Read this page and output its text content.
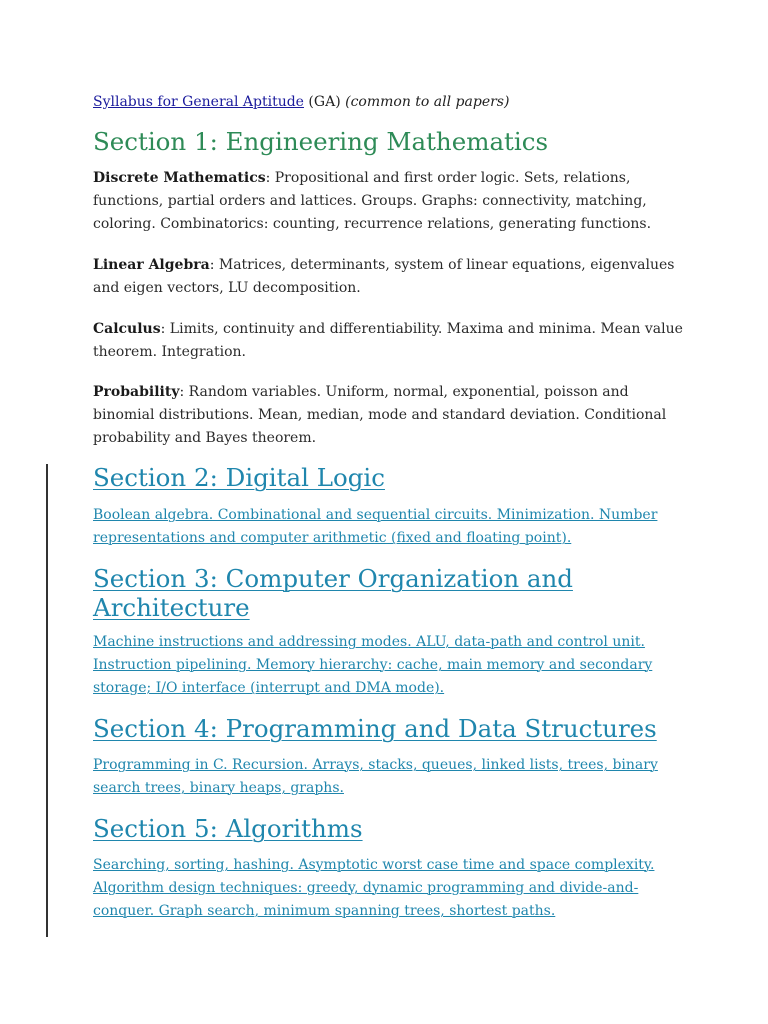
Syllabus for General Aptitude (GA) (common to all papers)
Section 1: Engineering Mathematics

Discrete Mathematics: Propositional and first order logic. Sets, relations, functions, partial orders and lattices. Groups. Graphs: connectivity, matching, coloring. Combinatorics: counting, recurrence relations, generating functions.

Linear Algebra: Matrices, determinants, system of linear equations, eigenvalues and eigen vectors, LU decomposition.

Calculus: Limits, continuity and differentiability. Maxima and minima. Mean value theorem. Integration.

Probability: Random variables. Uniform, normal, exponential, poisson and binomial distributions. Mean, median, mode and standard deviation. Conditional probability and Bayes theorem.

Section 2: Digital Logic

Boolean algebra. Combinational and sequential circuits. Minimization. Number representations and computer arithmetic (fixed and floating point).

Section 3: Computer Organization and Architecture

Machine instructions and addressing modes. ALU, data-path and control unit. Instruction pipelining. Memory hierarchy: cache, main memory and secondary storage; I/O interface (interrupt and DMA mode).

Section 4: Programming and Data Structures

Programming in C. Recursion. Arrays, stacks, queues, linked lists, trees, binary search trees, binary heaps, graphs.

Section 5: Algorithms

Searching, sorting, hashing. Asymptotic worst case time and space complexity. Algorithm design techniques: greedy, dynamic programming and divide-and-conquer. Graph search, minimum spanning trees, shortest paths.
